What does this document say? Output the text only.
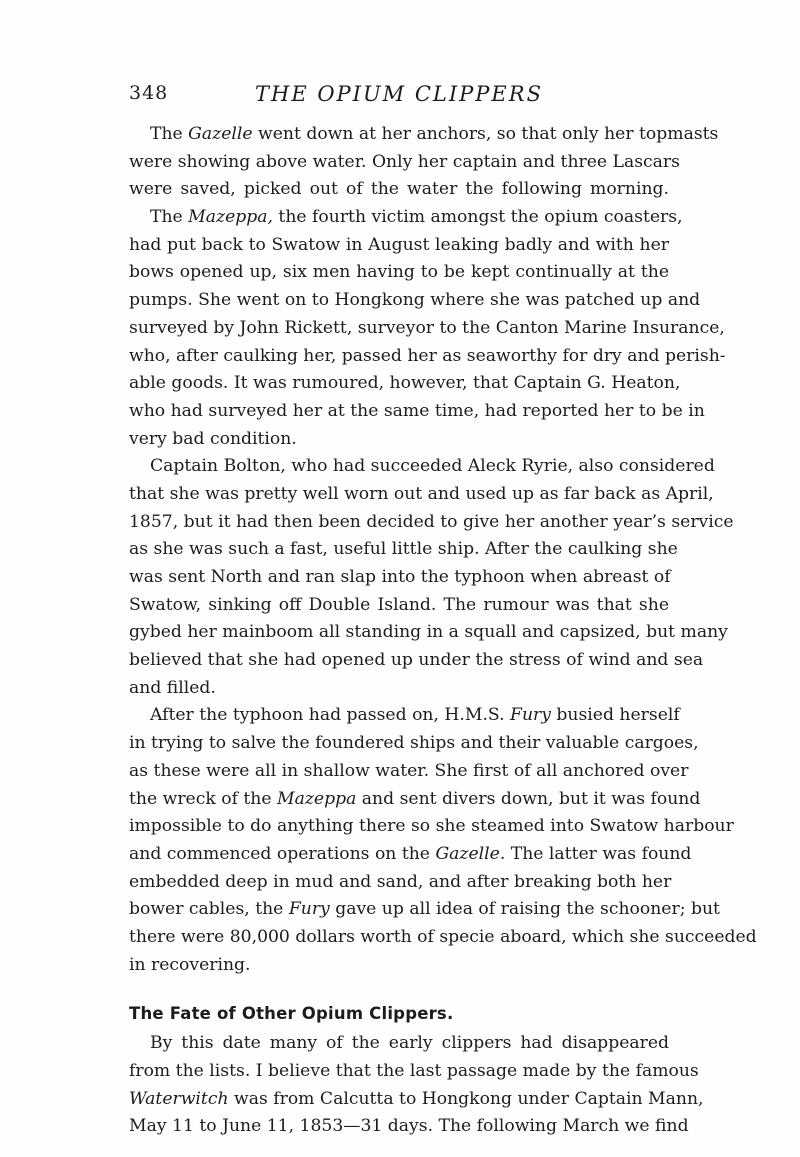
348	THE OPIUM CLIPPERS
The Gazelle went down at her anchors, so that only her topmasts
were showing above water. Only her captain and three Lascars
were saved, picked out of the water the following morning.
The Mazeppa, the fourth victim amongst the opium coasters,
had put back to Swatow in August leaking badly and with her
bows opened up, six men having to be kept continually at the
pumps. She went on to Hongkong where she was patched up and
surveyed by John Rickett, surveyor to the Canton Marine Insurance,
who, after caulking her, passed her as seaworthy for dry and perish-
able goods. It was rumoured, however, that Captain G. Heaton,
who had surveyed her at the same time, had reported her to be in
very bad condition.
Captain Bolton, who had succeeded Aleck Ryrie, also considered
that she was pretty well worn out and used up as far back as April,
1857, but it had then been decided to give her another year’s service
as she was such a fast, useful little ship. After the caulking she
was sent North and ran slap into the typhoon when abreast of
Swatow, sinking off Double Island. The rumour was that she
gybed her mainboom all standing in a squall and capsized, but many
believed that she had opened up under the stress of wind and sea
and filled.
After the typhoon had passed on, H.M.S. Fury busied herself
in trying to salve the foundered ships and their valuable cargoes,
as these were all in shallow water. She first of all anchored over
the wreck of the Mazeppa and sent divers down, but it was found
impossible to do anything there so she steamed into Swatow harbour
and commenced operations on the Gazelle. The latter was found
embedded deep in mud and sand, and after breaking both her
bower cables, the Fury gave up all idea of raising the schooner; but
there were 80,000 dollars worth of specie aboard, which she succeeded
in recovering.
The Fate of Other Opium Clippers.
By this date many of the early clippers had disappeared
from the lists. I believe that the last passage made by the famous
Waterwitch was from Calcutta to Hongkong under Captain Mann,
May 11 to June 11, 1853—31 days. The following March we find
